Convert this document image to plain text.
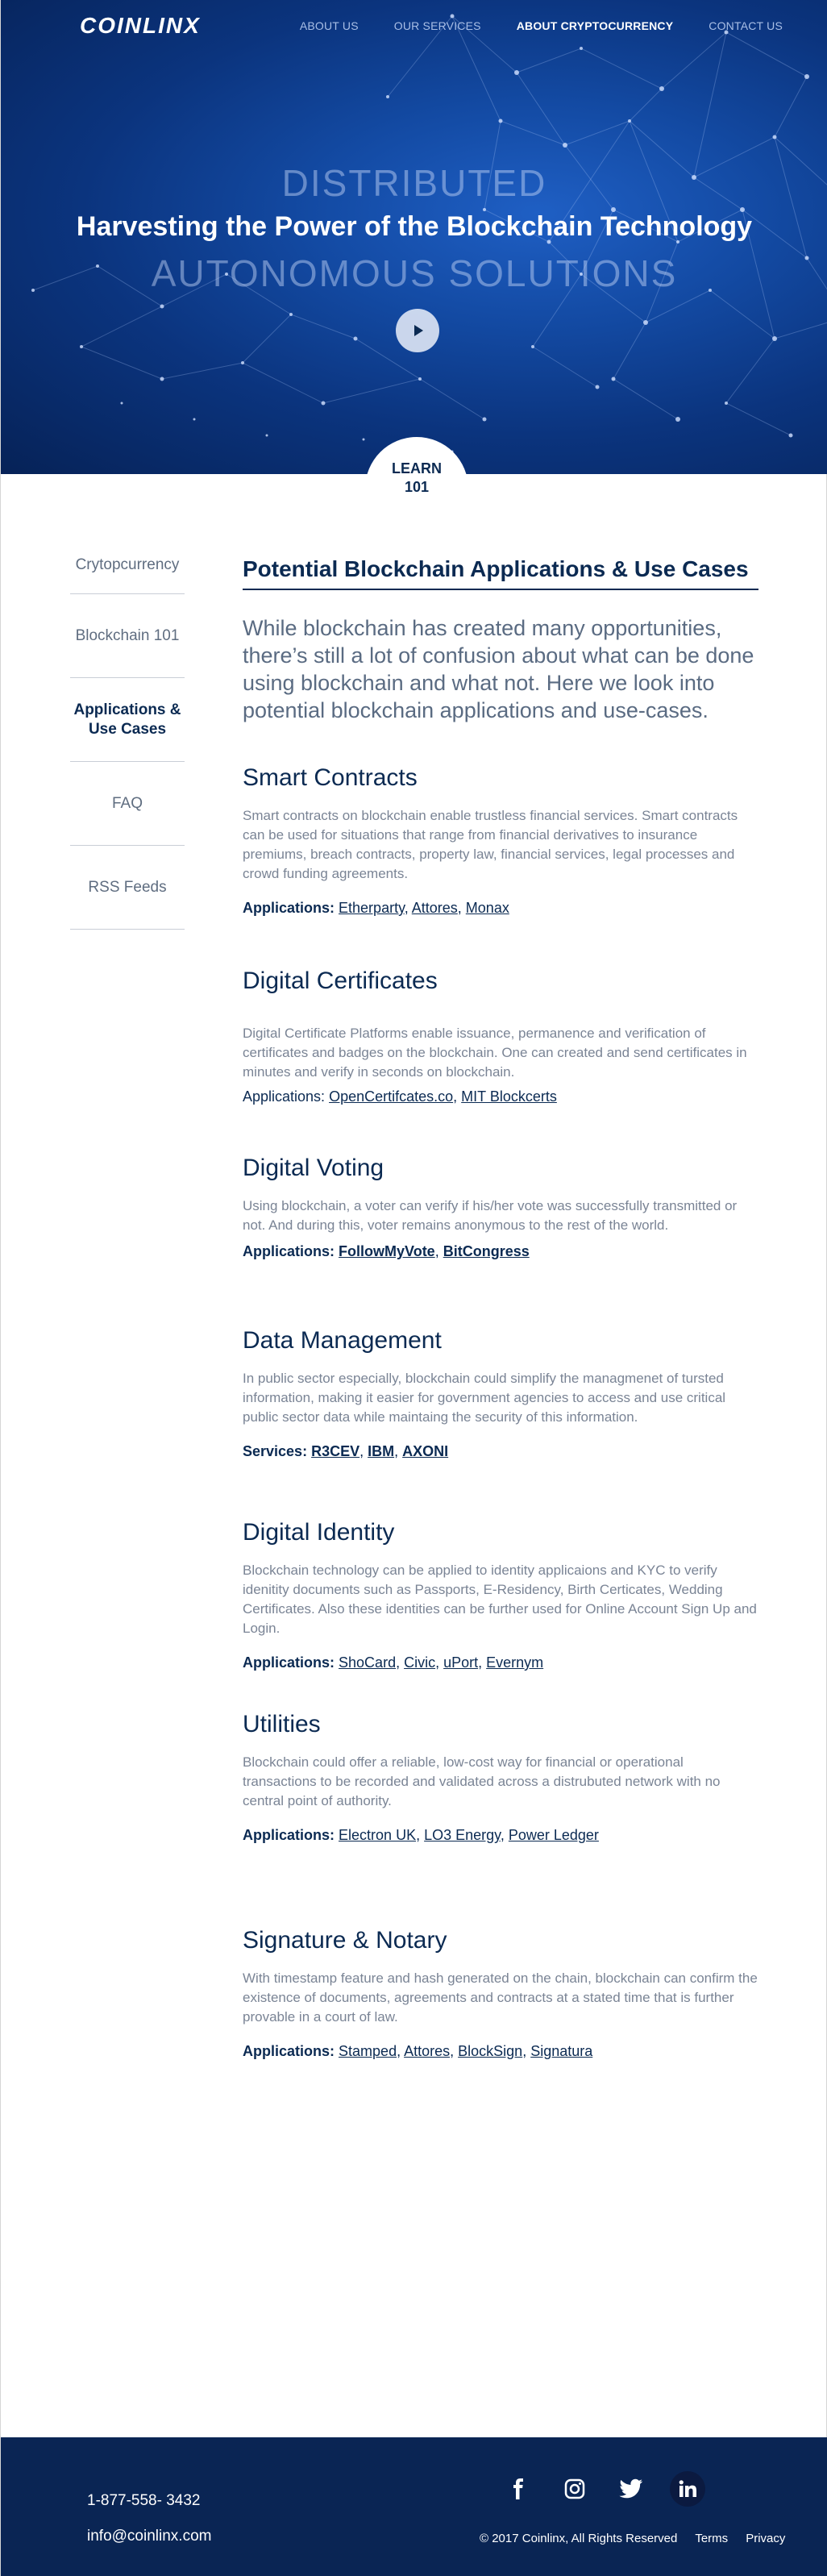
COINLINX	ABOUT US	OUR SERVICES	ABOUT CRYPTOCURRENCY	CONTACT US
DISTRIBUTED
Harvesting the Power of the Blockchain Technology
AUTONOMOUS SOLUTIONS
LEARN
101
Crytopcurrency
Blockchain 101
Applications & Use Cases
FAQ
RSS Feeds
Potential Blockchain Applications & Use Cases

While blockchain has created many opportunities, there’s still a lot of confusion about what can be done using blockchain and what not. Here we look into potential blockchain applications and use-cases.

Smart Contracts

Smart contracts on blockchain enable trustless financial services. Smart contracts can be used for situations that range from financial derivatives to insurance premiums, breach contracts, property law, financial services, legal processes and crowd funding agreements.

Applications: Etherparty, Attores, Monax
Digital Certificates

Digital Certificate Platforms enable issuance, permanence and verification of certificates and badges on the blockchain. One can created and send certificates in minutes and verify in seconds on blockchain.

Applications: OpenCertifcates.co, MIT Blockcerts
Digital Voting

Using blockchain, a voter can verify if his/her vote was successfully transmitted or not. And during this, voter remains anonymous to the rest of the world.

Applications: FollowMyVote, BitCongress
Data Management

In public sector especially, blockchain could simplify the managmenet of tursted information, making it easier for government agencies to access and use critical public sector data while maintaing the security of this information.

Services: R3CEV, IBM, AXONI
Digital Identity

Blockchain technology can be applied to identity applicaions and KYC to verify idenitity documents such as Passports, E-Residency, Birth Certicates, Wedding Certificates. Also these identities can be further used for Online Account Sign Up and Login.

Applications: ShoCard, Civic, uPort, Evernym
Utilities

Blockchain could offer a reliable, low-cost way for financial or operational transactions to be recorded and validated across a distrubuted network with no central point of authority.

Applications: Electron UK, LO3 Energy, Power Ledger
Signature & Notary

With timestamp feature and hash generated on the chain, blockchain can confirm the existence of documents, agreements and contracts at a stated time that is further provable in a court of law.

Applications: Stamped, Attores, BlockSign, Signatura
1-877-558- 3432
info@coinlinx.com	© 2017 Coinlinx, All Rights Reserved Terms Privacy
